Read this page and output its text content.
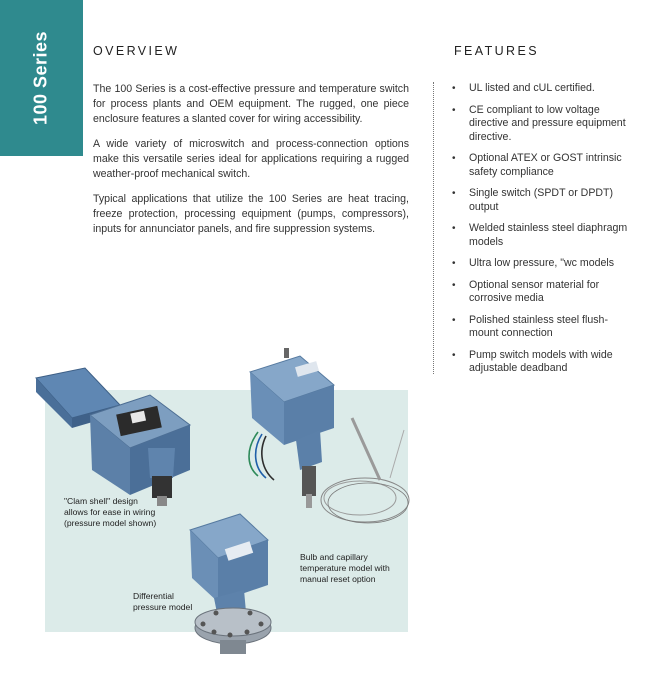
100 Series	OVERVIEW

The 100 Series is a cost-effective pressure and temperature switch for process plants and OEM equipment. The rugged, one piece enclosure features a slanted cover for wiring accessibility.

A wide variety of microswitch and process-connection options make this versatile series ideal for applications requiring a rugged weather-proof mechanical switch.

Typical applications that utilize the 100 Series are heat tracing, freeze protection, processing equipment (pumps, compressors), inputs for annunciator panels, and fire suppression systems.

FEATURES
• UL listed and cUL certified.
• CE compliant to low voltage directive and pressure equipment directive.
• Optional ATEX or GOST intrinsic safety compliance
• Single switch (SPDT or DPDT) output
• Welded stainless steel diaphragm models
• Ultra low pressure, "wc models
• Optional sensor material for corrosive media
• Polished stainless steel flush-mount connection
• Pump switch models with wide adjustable deadband
"Clam shell" design
allows for ease in wiring
(pressure model shown)
Bulb and capillary
temperature model with
manual reset option
Differential
pressure model
